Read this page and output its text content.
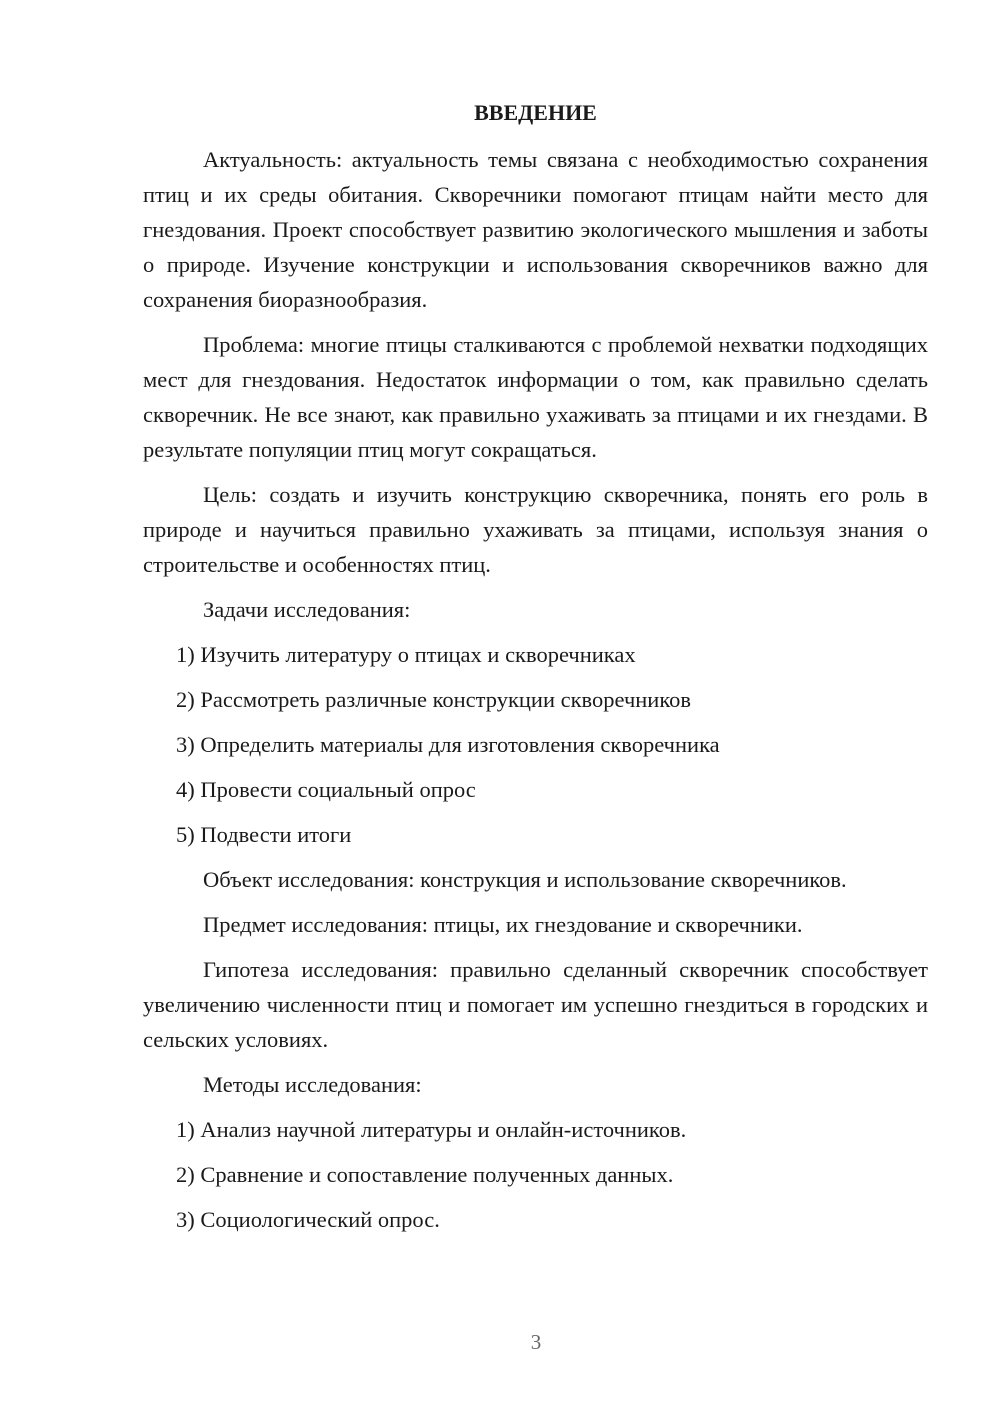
ВВЕДЕНИЕ

Актуальность: актуальность темы связана с необходимостью сохранения птиц и их среды обитания. Скворечники помогают птицам найти место для гнездования. Проект способствует развитию экологического мышления и заботы о природе. Изучение конструкции и использования скворечников важно для сохранения биоразнообразия.

Проблема: многие птицы сталкиваются с проблемой нехватки подходящих мест для гнездования. Недостаток информации о том, как правильно сделать скворечник. Не все знают, как правильно ухаживать за птицами и их гнездами. В результате популяции птиц могут сокращаться.

Цель: создать и изучить конструкцию скворечника, понять его роль в природе и научиться правильно ухаживать за птицами, используя знания о строительстве и особенностях птиц.

Задачи исследования:

1) Изучить литературу о птицах и скворечниках

2) Рассмотреть различные конструкции скворечников

3) Определить материалы для изготовления скворечника

4) Провести социальный опрос

5) Подвести итоги

Объект исследования: конструкция и использование скворечников.

Предмет исследования: птицы, их гнездование и скворечники.

Гипотеза исследования: правильно сделанный скворечник способствует увеличению численности птиц и помогает им успешно гнездиться в городских и сельских условиях.

Методы исследования:

1) Анализ научной литературы и онлайн-источников.

2) Сравнение и сопоставление полученных данных.

3) Социологический опрос.

3
